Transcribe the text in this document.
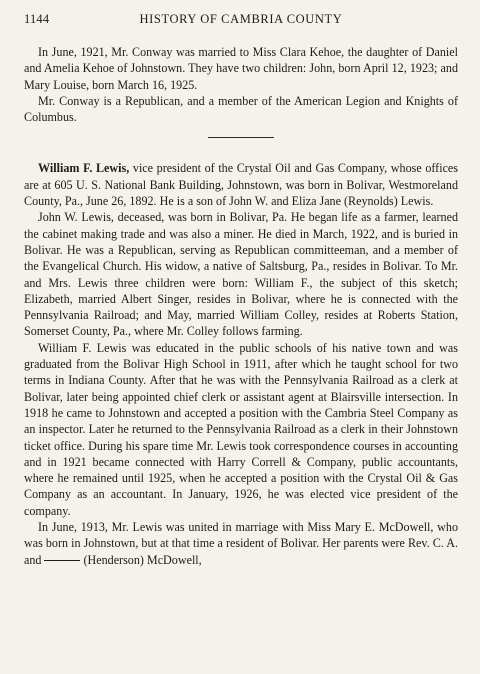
1144	HISTORY OF CAMBRIA COUNTY

In June, 1921, Mr. Conway was married to Miss Clara Kehoe, the daughter of Daniel and Amelia Kehoe of Johnstown. They have two children: John, born April 12, 1923; and Mary Louise, born March 16, 1925.

Mr. Conway is a Republican, and a member of the American Legion and Knights of Columbus.

William F. Lewis, vice president of the Crystal Oil and Gas Company, whose offices are at 605 U. S. National Bank Building, Johnstown, was born in Bolivar, Westmoreland County, Pa., June 26, 1892. He is a son of John W. and Eliza Jane (Reynolds) Lewis.

John W. Lewis, deceased, was born in Bolivar, Pa. He began life as a farmer, learned the cabinet making trade and was also a miner. He died in March, 1922, and is buried in Bolivar. He was a Republican, serving as Republican committeeman, and a member of the Evangelical Church. His widow, a native of Saltsburg, Pa., resides in Bolivar. To Mr. and Mrs. Lewis three children were born: William F., the subject of this sketch; Elizabeth, married Albert Singer, resides in Bolivar, where he is connected with the Pennsylvania Railroad; and May, married William Colley, resides at Roberts Station, Somerset County, Pa., where Mr. Colley follows farming.

William F. Lewis was educated in the public schools of his native town and was graduated from the Bolivar High School in 1911, after which he taught school for two terms in Indiana County. After that he was with the Pennsylvania Railroad as a clerk at Bolivar, later being appointed chief clerk or assistant agent at Blairsville intersection. In 1918 he came to Johnstown and accepted a position with the Cambria Steel Company as an inspector. Later he returned to the Pennsylvania Railroad as a clerk in their Johnstown ticket office. During his spare time Mr. Lewis took correspondence courses in accounting and in 1921 became connected with Harry Correll & Company, public accountants, where he remained until 1925, when he accepted a position with the Crystal Oil & Gas Company as an accountant. In January, 1926, he was elected vice president of the company.

In June, 1913, Mr. Lewis was united in marriage with Miss Mary E. McDowell, who was born in Johnstown, but at that time a resident of Bolivar. Her parents were Rev. C. A. and	(Henderson) McDowell,
